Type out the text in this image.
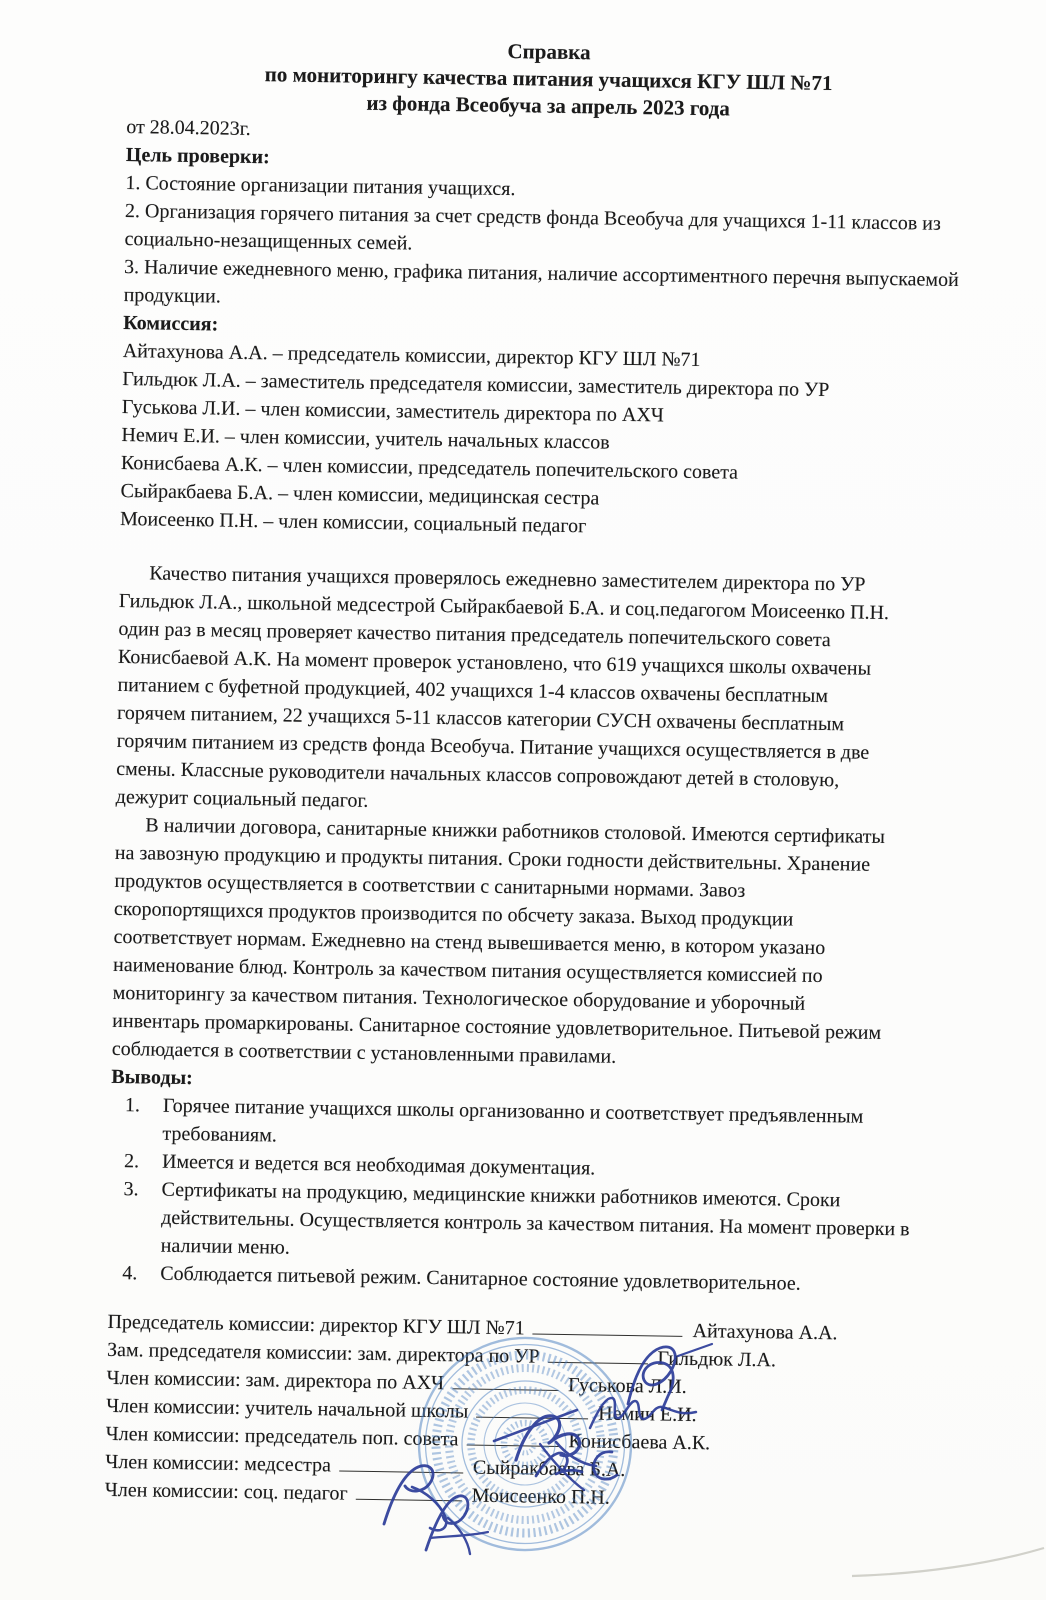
Справка

по мониторингу качества питания учащихся КГУ ШЛ №71

из фонда Всеобуча за апрель 2023 года

от 28.04.2023г.

Цель проверки:

1. Состояние организации питания учащихся.

2. Организация горячего питания за счет средств фонда Всеобуча для учащихся 1-11 классов из социально-незащищенных семей.

3. Наличие ежедневного меню, графика питания, наличие ассортиментного перечня выпускаемой продукции.

Комиссия:

Айтахунова А.А. – председатель комиссии, директор КГУ ШЛ №71

Гильдюк Л.А. – заместитель председателя комиссии, заместитель директора по УР

Гуськова Л.И. – член комиссии, заместитель директора по АХЧ

Немич Е.И. – член комиссии, учитель начальных классов

Конисбаева А.К. – член комиссии, председатель попечительского совета

Сыйракбаева Б.А. – член комиссии, медицинская сестра

Моисеенко П.Н. – член комиссии, социальный педагог

Качество питания учащихся проверялось ежедневно заместителем директора по УР
Гильдюк Л.А., школьной медсестрой Сыйракбаевой Б.А. и соц.педагогом Моисеенко П.Н.
один раз в месяц проверяет качество питания председатель попечительского совета
Конисбаевой А.К. На момент проверок установлено, что 619 учащихся школы охвачены
питанием с буфетной продукцией, 402 учащихся 1-4 классов охвачены бесплатным
горячем питанием, 22 учащихся 5-11 классов категории СУСН охвачены бесплатным
горячим питанием из средств фонда Всеобуча. Питание учащихся осуществляется в две
смены. Классные руководители начальных классов сопровождают детей в столовую,
дежурит социальный педагог.

В наличии договора, санитарные книжки работников столовой. Имеются сертификаты
на завозную продукцию и продукты питания. Сроки годности действительны. Хранение
продуктов осуществляется в соответствии с санитарными нормами. Завоз
скоропортящихся продуктов производится по обсчету заказа. Выход продукции
соответствует нормам. Ежедневно на стенд вывешивается меню, в котором указано
наименование блюд. Контроль за качеством питания осуществляется комиссией по
мониторингу за качеством питания. Технологическое оборудование и уборочный
инвентарь промаркированы. Санитарное состояние удовлетворительное. Питьевой режим
соблюдается в соответствии с установленными правилами.

Выводы:

1.	Горячее питание учащихся школы организованно и соответствует предъявленным требованиям.
2.	Имеется и ведется вся необходимая документация.
3.	Сертификаты на продукцию, медицинские книжки работников имеются. Сроки действительны. Осуществляется контроль за качеством питания. На момент проверки в наличии меню.
4.	Соблюдается питьевой режим. Санитарное состояние удовлетворительное.
Председатель комиссии: директор КГУ ШЛ №71	Айтахунова А.А.
Зам. председателя комиссии: зам. директора по УР	Гильдюк Л.А.
Член комиссии: зам. директора по АХЧ	Гуськова Л.И.
Член комиссии: учитель начальной школы	Немич Е.И.
Член комиссии: председатель поп. совета	Конисбаева А.К.
Член комиссии: медсестра	Сыйракбаева Б.А.
Член комиссии: соц. педагог	Моисеенко П.Н.
